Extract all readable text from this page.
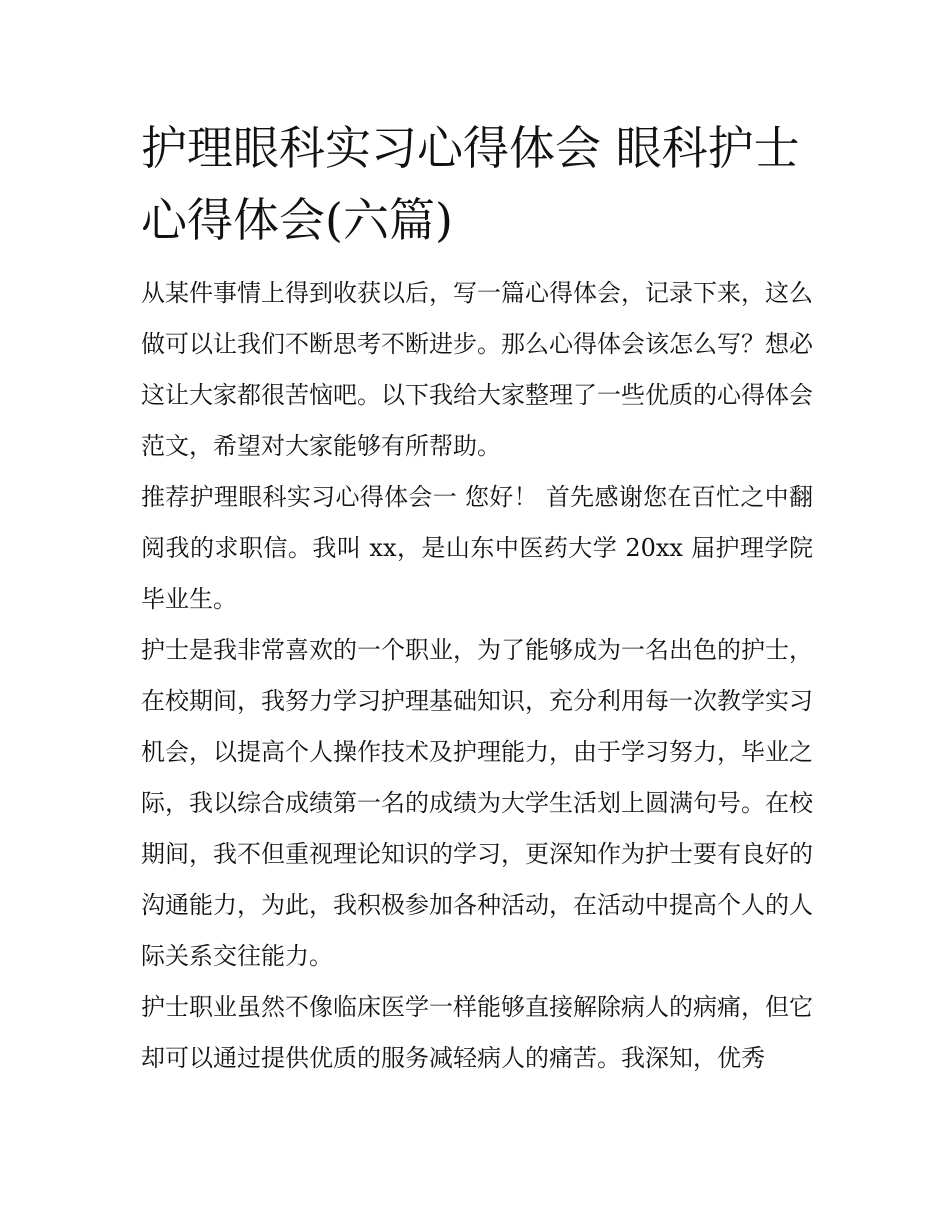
护理眼科实习心得体会 眼科护士心得体会(六篇)

从某件事情上得到收获以后，写一篇心得体会，记录下来，这么做可以让我们不断思考不断进步。那么心得体会该怎么写？想必这让大家都很苦恼吧。以下我给大家整理了一些优质的心得体会范文，希望对大家能够有所帮助。

推荐护理眼科实习心得体会一 您好！ 首先感谢您在百忙之中翻阅我的求职信。我叫 xx，是山东中医药大学 20xx 届护理学院毕业生。

护士是我非常喜欢的一个职业，为了能够成为一名出色的护士，在校期间，我努力学习护理基础知识，充分利用每一次教学实习机会，以提高个人操作技术及护理能力，由于学习努力，毕业之际，我以综合成绩第一名的成绩为大学生活划上圆满句号。在校期间，我不但重视理论知识的学习，更深知作为护士要有良好的沟通能力，为此，我积极参加各种活动，在活动中提高个人的人际关系交往能力。

护士职业虽然不像临床医学一样能够直接解除病人的病痛，但它却可以通过提供优质的服务减轻病人的痛苦。我深知，优秀
